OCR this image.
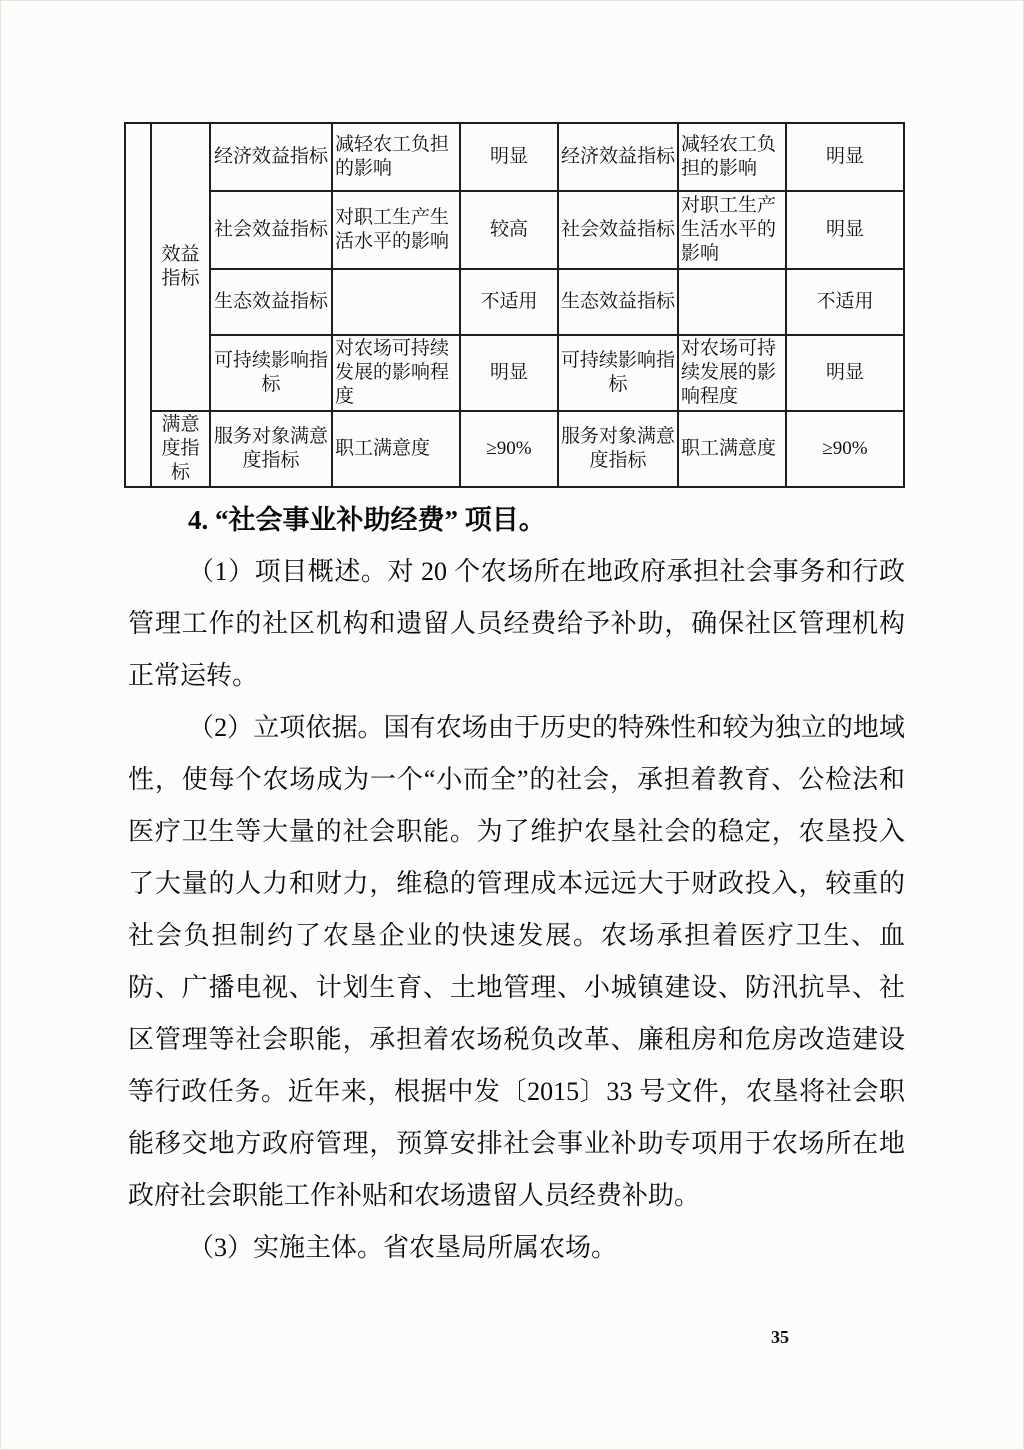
	效益指标	经济效益指标	减轻农工负担的影响	明显	经济效益指标	减轻农工负担的影响	明显
		社会效益指标	对职工生产生活水平的影响	较高	社会效益指标	对职工生产生活水平的影响	明显
		生态效益指标		不适用	生态效益指标		不适用
		可持续影响指标	对农场可持续发展的影响程度	明显	可持续影响指标	对农场可持续发展的影响程度	明显
	满意度指标	服务对象满意度指标	职工满意度	≥90%	服务对象满意度指标	职工满意度	≥90%

4. “社会事业补助经费” 项目。

（1）项目概述。对 20 个农场所在地政府承担社会事务和行政管理工作的社区机构和遗留人员经费给予补助，确保社区管理机构正常运转。

（2）立项依据。国有农场由于历史的特殊性和较为独立的地域性，使每个农场成为一个“小而全”的社会，承担着教育、公检法和医疗卫生等大量的社会职能。为了维护农垦社会的稳定，农垦投入了大量的人力和财力，维稳的管理成本远远大于财政投入，较重的社会负担制约了农垦企业的快速发展。农场承担着医疗卫生、血防、广播电视、计划生育、土地管理、小城镇建设、防汛抗旱、社区管理等社会职能，承担着农场税负改革、廉租房和危房改造建设等行政任务。近年来，根据中发〔2015〕33 号文件，农垦将社会职能移交地方政府管理，预算安排社会事业补助专项用于农场所在地政府社会职能工作补贴和农场遗留人员经费补助。

（3）实施主体。省农垦局所属农场。

35
